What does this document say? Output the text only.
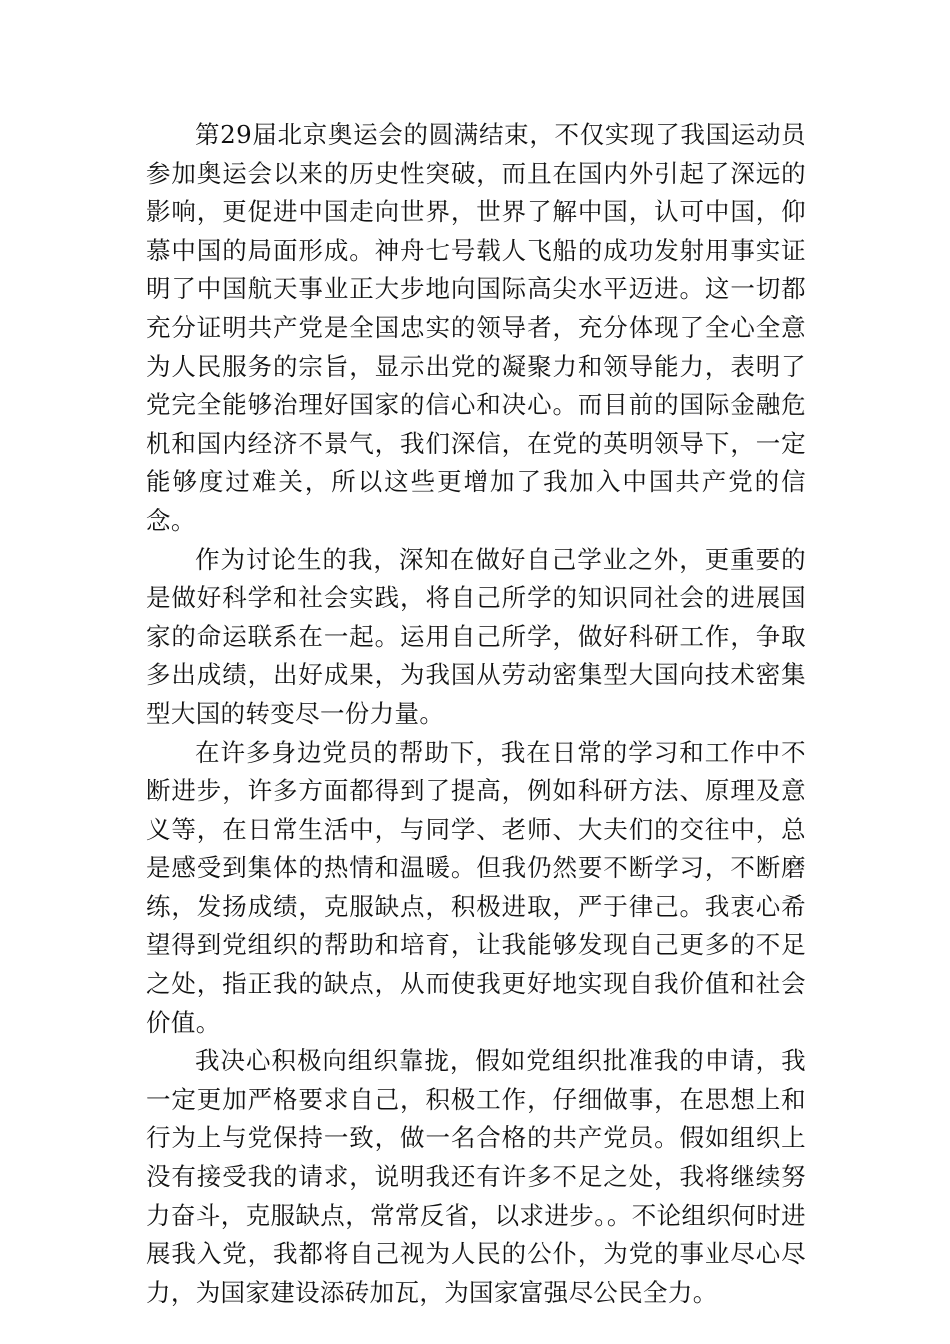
第29届北京奥运会的圆满结束，不仅实现了我国运动员参加奥运会以来的历史性突破，而且在国内外引起了深远的影响，更促进中国走向世界，世界了解中国，认可中国，仰慕中国的局面形成。神舟七号载人飞船的成功发射用事实证明了中国航天事业正大步地向国际高尖水平迈进。这一切都充分证明共产党是全国忠实的领导者，充分体现了全心全意为人民服务的宗旨，显示出党的凝聚力和领导能力，表明了党完全能够治理好国家的信心和决心。而目前的国际金融危机和国内经济不景气，我们深信，在党的英明领导下，一定能够度过难关，所以这些更增加了我加入中国共产党的信念。

作为讨论生的我，深知在做好自己学业之外，更重要的是做好科学和社会实践，将自己所学的知识同社会的进展国家的命运联系在一起。运用自己所学，做好科研工作，争取多出成绩，出好成果，为我国从劳动密集型大国向技术密集型大国的转变尽一份力量。

在许多身边党员的帮助下，我在日常的学习和工作中不断进步，许多方面都得到了提高，例如科研方法、原理及意义等，在日常生活中，与同学、老师、大夫们的交往中，总是感受到集体的热情和温暖。但我仍然要不断学习，不断磨练，发扬成绩，克服缺点，积极进取，严于律己。我衷心希望得到党组织的帮助和培育，让我能够发现自己更多的不足之处，指正我的缺点，从而使我更好地实现自我价值和社会价值。

我决心积极向组织靠拢，假如党组织批准我的申请，我一定更加严格要求自己，积极工作，仔细做事，在思想上和行为上与党保持一致，做一名合格的共产党员。假如组织上没有接受我的请求，说明我还有许多不足之处，我将继续努力奋斗，克服缺点，常常反省，以求进步。。不论组织何时进展我入党，我都将自己视为人民的公仆，为党的事业尽心尽力，为国家建设添砖加瓦，为国家富强尽公民全力。
